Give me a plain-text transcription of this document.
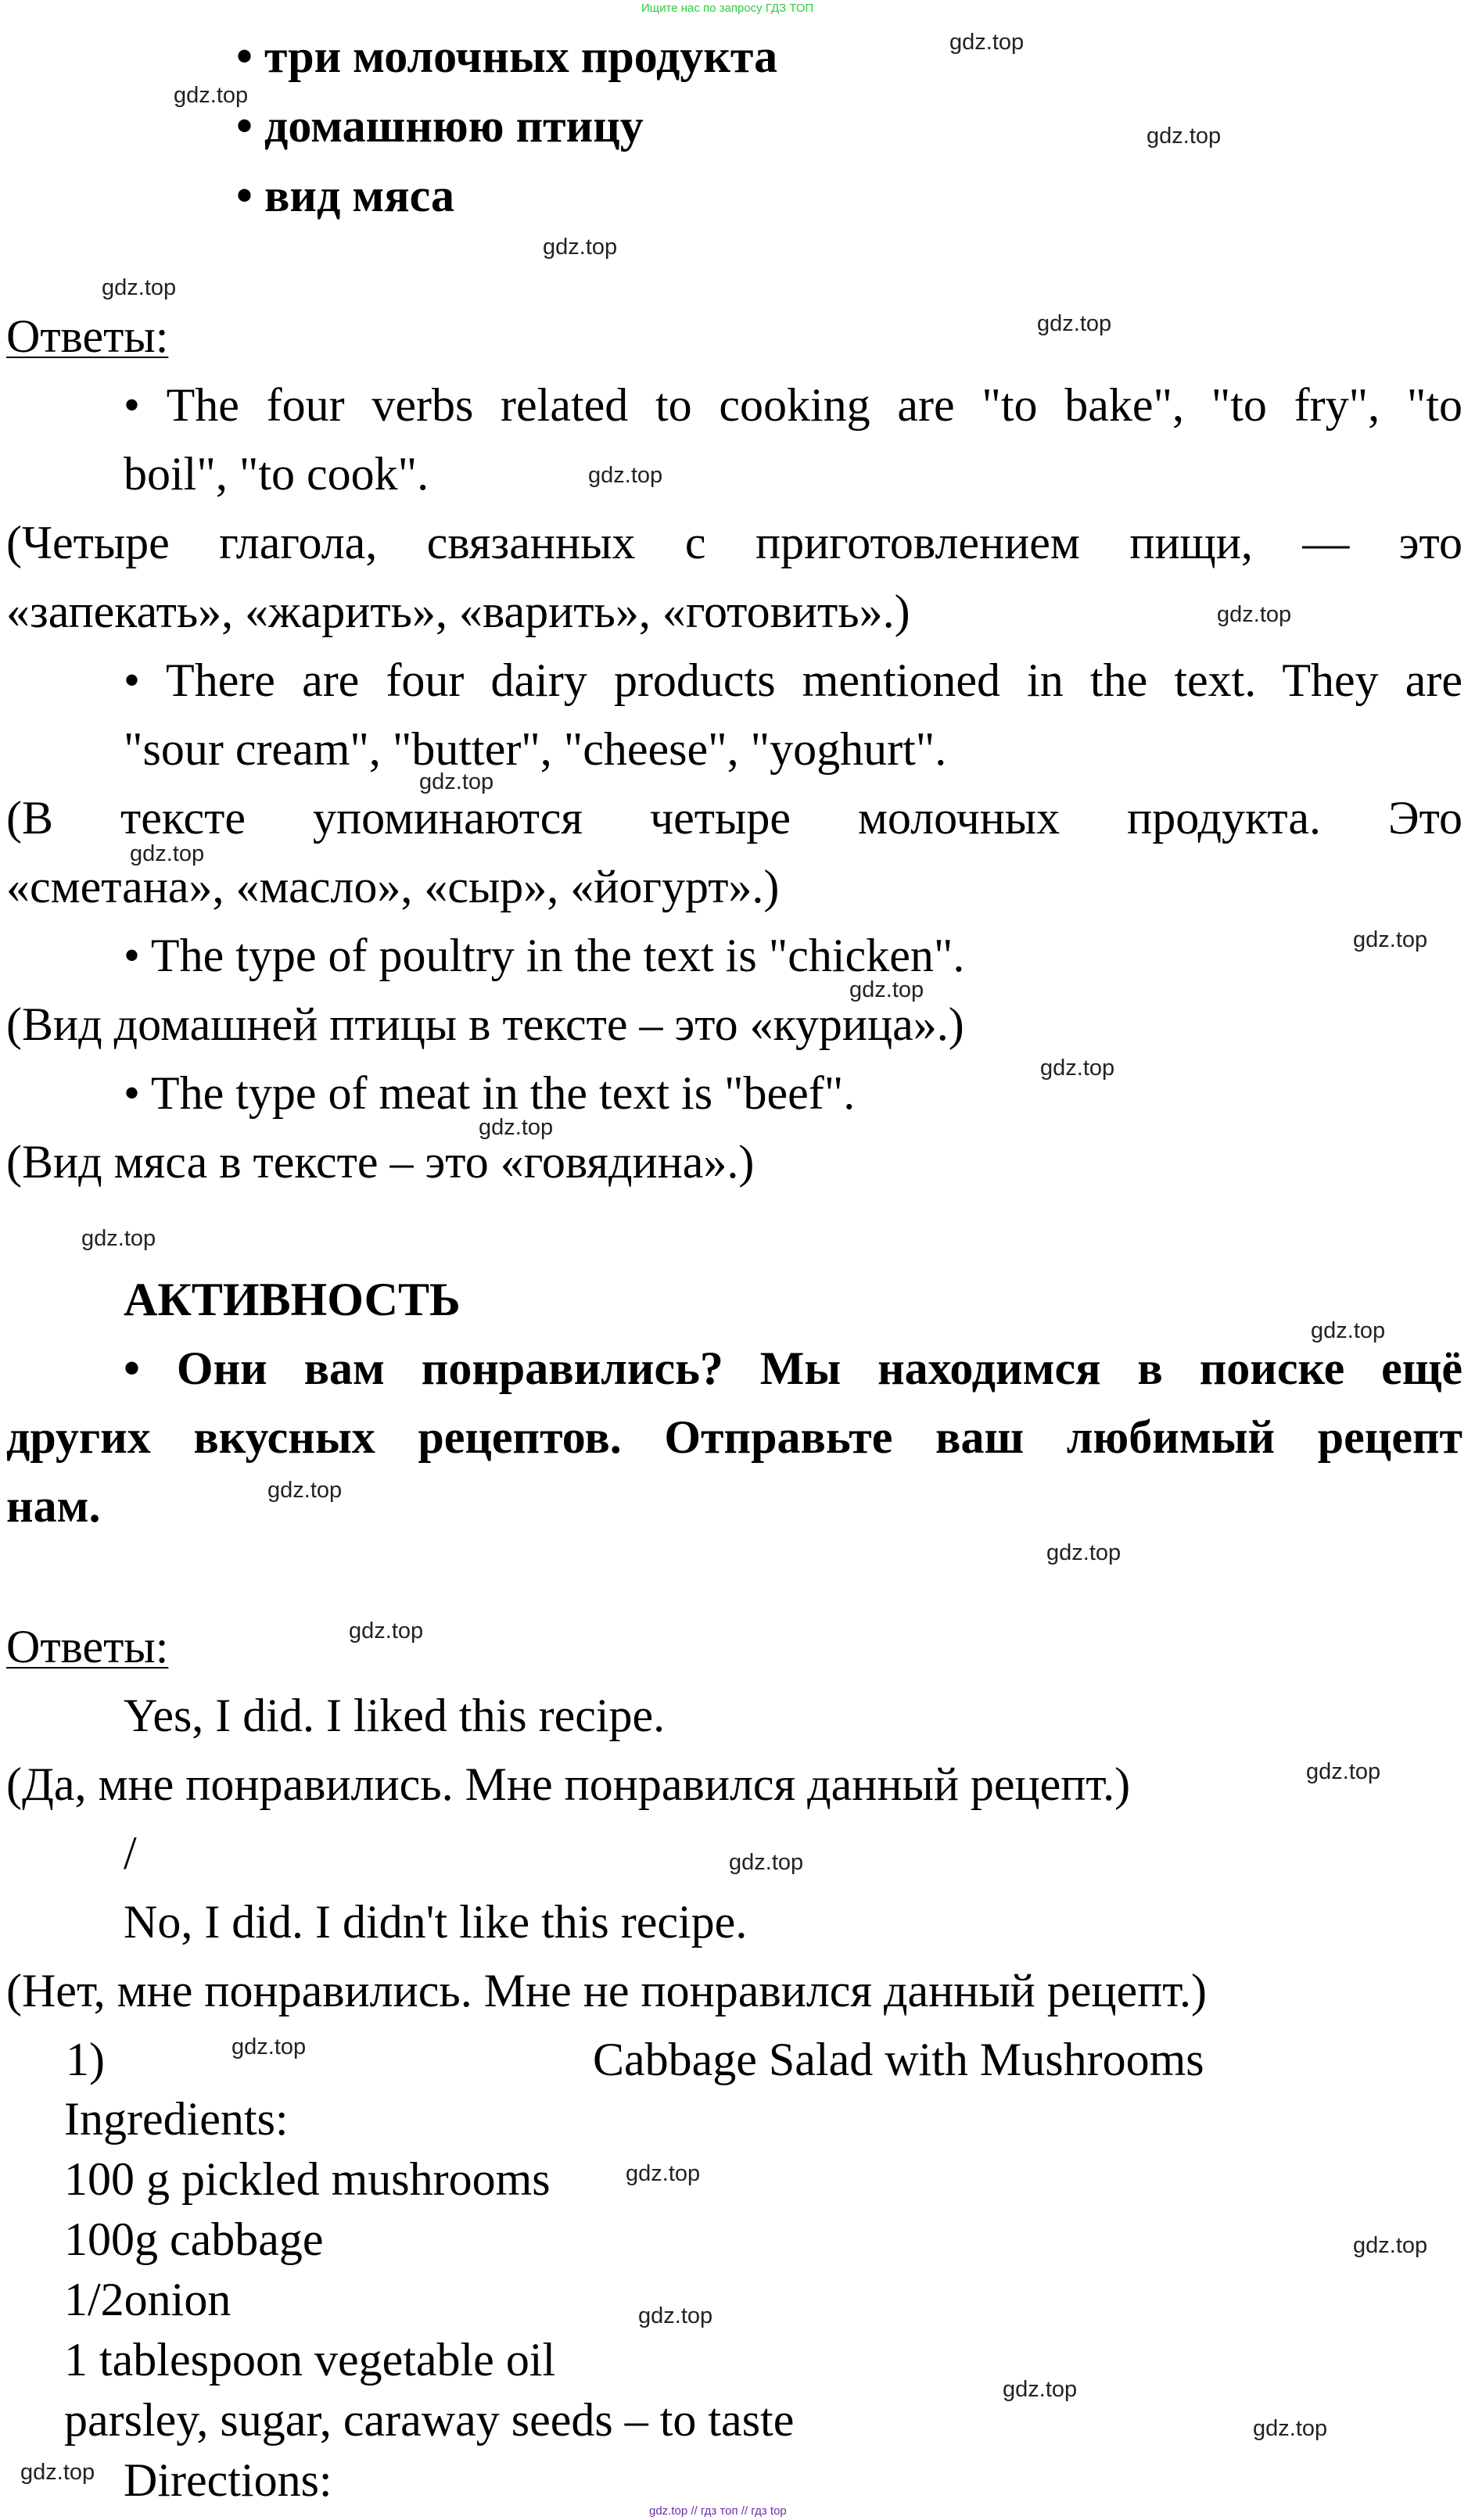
Ищите нас по запросу ГДЗ ТОП
gdz.top // гдз топ // гдз top
• три молочных продукта
• домашнюю птицу
• вид мяса
Ответы:
• The four verbs related to cooking are "to bake", "to fry", "to
boil", "to cook".
(Четыре глагола, связанных с приготовлением пищи, — это
«запекать», «жарить», «варить», «готовить».)
• There are four dairy products mentioned in the text. They are
"sour cream", "butter", "cheese", "yoghurt".
(В тексте упоминаются четыре молочных продукта. Это
«сметана», «масло», «сыр», «йогурт».)
• The type of poultry in the text is "chicken".
(Вид домашней птицы в тексте – это «курица».)
• The type of meat in the text is "beef".
(Вид мяса в тексте – это «говядина».)
АКТИВНОСТЬ
• Они вам понравились? Мы находимся в поиске ещё
других вкусных рецептов. Отправьте ваш любимый рецепт
нам.
Ответы:
Yes, I did. I liked this recipe.
(Да, мне понравились. Мне понравился данный рецепт.)
/
No, I did. I didn't like this recipe.
(Нет, мне понравились. Мне не понравился данный рецепт.)
1)	Cabbage Salad with Mushrooms
Ingredients:
100 g pickled mushrooms
100g cabbage
1/2onion
1 tablespoon vegetable oil
parsley, sugar, caraway seeds – to taste
Directions:
gdz.top
gdz.top
gdz.top
gdz.top
gdz.top
gdz.top
gdz.top
gdz.top
gdz.top
gdz.top
gdz.top
gdz.top
gdz.top
gdz.top
gdz.top
gdz.top
gdz.top
gdz.top
gdz.top
gdz.top
gdz.top
gdz.top
gdz.top
gdz.top
gdz.top
gdz.top
gdz.top
gdz.top
